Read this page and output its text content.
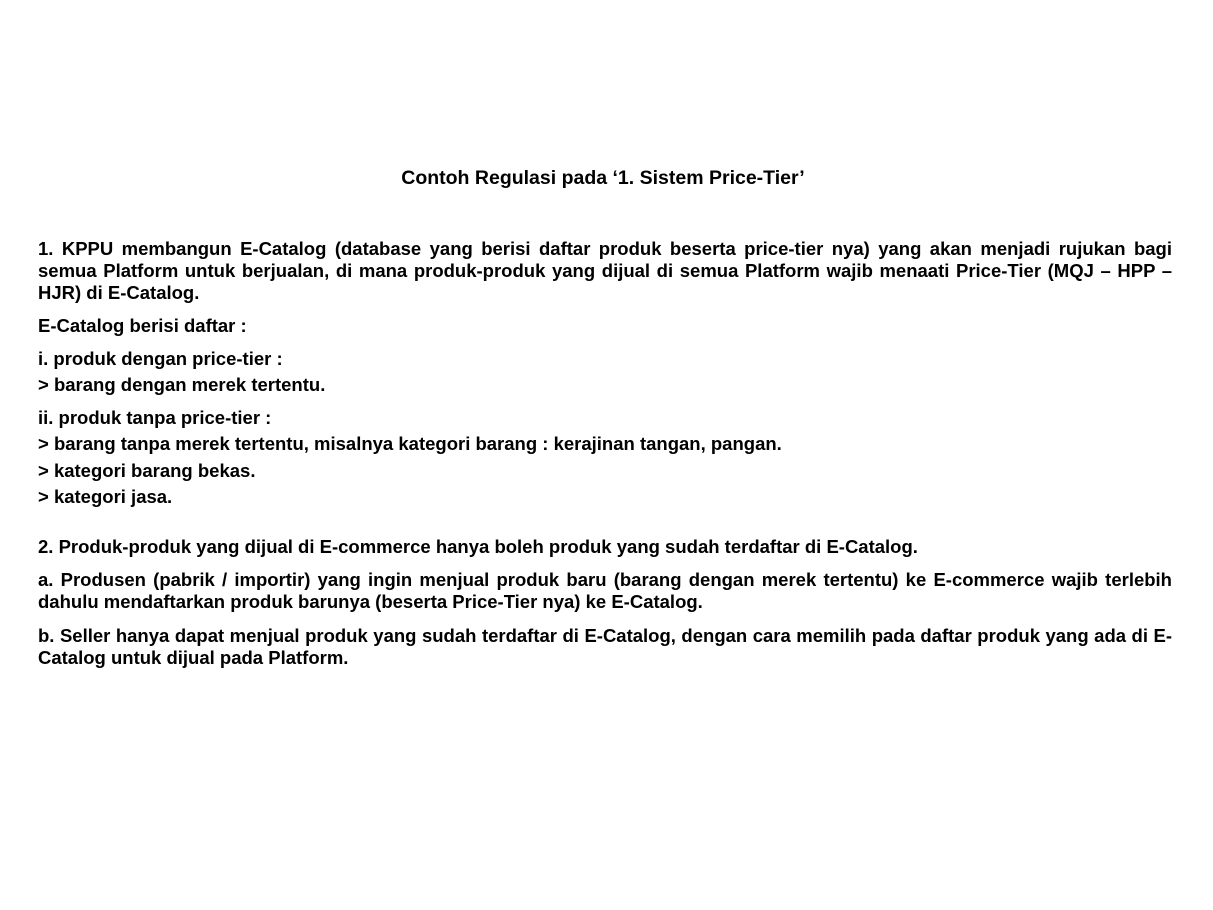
Contoh Regulasi pada ‘1. Sistem Price-Tier’

1. KPPU membangun E-Catalog (database yang berisi daftar produk beserta price-tier nya) yang akan menjadi rujukan bagi semua Platform untuk berjualan, di mana produk-produk yang dijual di semua Platform wajib menaati Price-Tier (MQJ – HPP – HJR) di E-Catalog.

E-Catalog berisi daftar :

i. produk dengan price-tier :

> barang dengan merek tertentu.

ii. produk tanpa price-tier :

> barang tanpa merek tertentu, misalnya kategori barang : kerajinan tangan, pangan.

> kategori barang bekas.

> kategori jasa.

2. Produk-produk yang dijual di E-commerce hanya boleh produk yang sudah terdaftar di E-Catalog.

a. Produsen (pabrik / importir) yang ingin menjual produk baru (barang dengan merek tertentu) ke E-commerce wajib terlebih dahulu mendaftarkan produk barunya (beserta Price-Tier nya) ke E-Catalog.

b. Seller hanya dapat menjual produk yang sudah terdaftar di E-Catalog, dengan cara memilih pada daftar produk yang ada di E-Catalog untuk dijual pada Platform.
